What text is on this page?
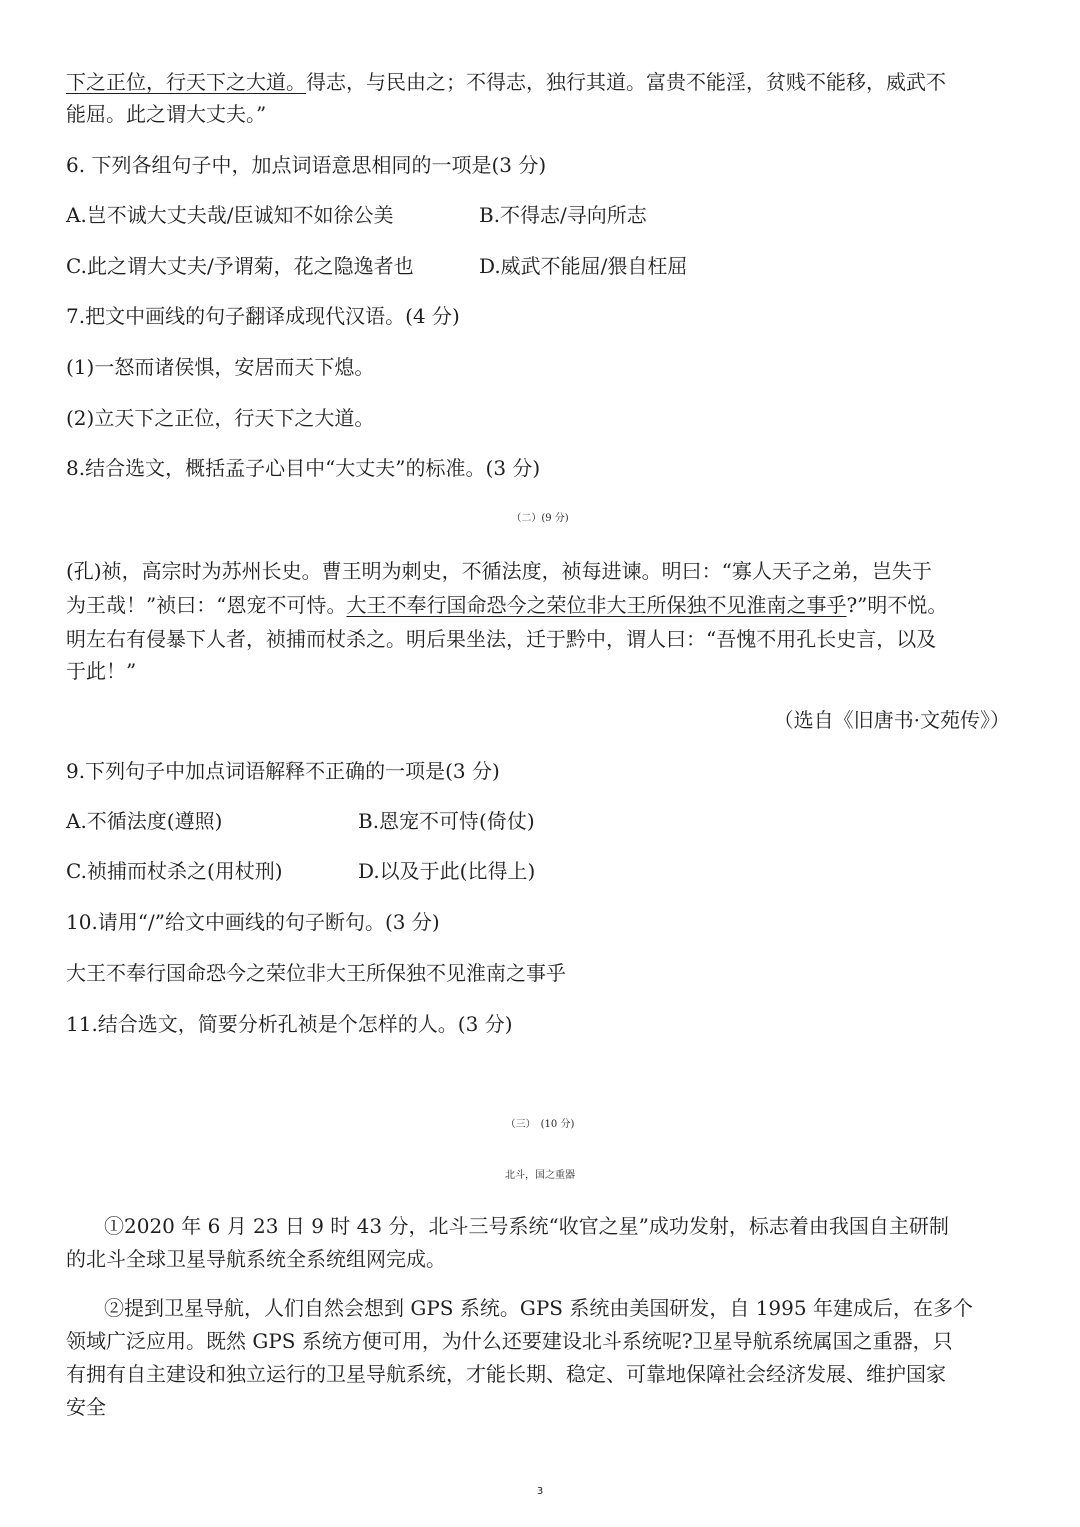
下之正位，行天下之大道。得志，与民由之；不得志，独行其道。富贵不能淫，贫贱不能移，威武不
能屈。此之谓大丈夫。”
6. 下列各组句子中，加点词语意思相同的一项是(3 分)
A.岂不诚大丈夫哉/臣诚知不如徐公美	B.不得志/寻向所志
C.此之谓大丈夫/予谓菊，花之隐逸者也	D.威武不能屈/猥自枉屈
7.把文中画线的句子翻译成现代汉语。(4 分)
(1)一怒而诸侯惧，安居而天下熄。
(2)立天下之正位，行天下之大道。
8.结合选文，概括孟子心目中“大丈夫”的标准。(3 分)
（二）(9 分)
(孔)祯，高宗时为苏州长史。曹王明为刺史，不循法度，祯每进谏。明曰：“寡人天子之弟，岂失于
为王哉！”祯曰：“恩宠不可恃。大王不奉行国命恐今之荣位非大王所保独不见淮南之事乎?”明不悦。
明左右有侵暴下人者，祯捕而杖杀之。明后果坐法，迁于黔中，谓人曰：“吾愧不用孔长史言，以及
于此！”
（选自《旧唐书·文苑传》）
9.下列句子中加点词语解释不正确的一项是(3 分)
A.不循法度(遵照)	B.恩宠不可恃(倚仗)
C.祯捕而杖杀之(用杖刑)	D.以及于此(比得上)
10.请用“/”给文中画线的句子断句。(3 分)
大王不奉行国命恐今之荣位非大王所保独不见淮南之事乎
11.结合选文，简要分析孔祯是个怎样的人。(3 分)
（三）　(10 分)
北斗，国之重器
①2020 年 6 月 23 日 9 时 43 分，北斗三号系统“收官之星”成功发射，标志着由我国自主研制
的北斗全球卫星导航系统全系统组网完成。
②提到卫星导航，人们自然会想到 GPS 系统。GPS 系统由美国研发，自 1995 年建成后，在多个
领域广泛应用。既然 GPS 系统方便可用，为什么还要建设北斗系统呢?卫星导航系统属国之重器，只
有拥有自主建设和独立运行的卫星导航系统，才能长期、稳定、可靠地保障社会经济发展、维护国家
安全
3
